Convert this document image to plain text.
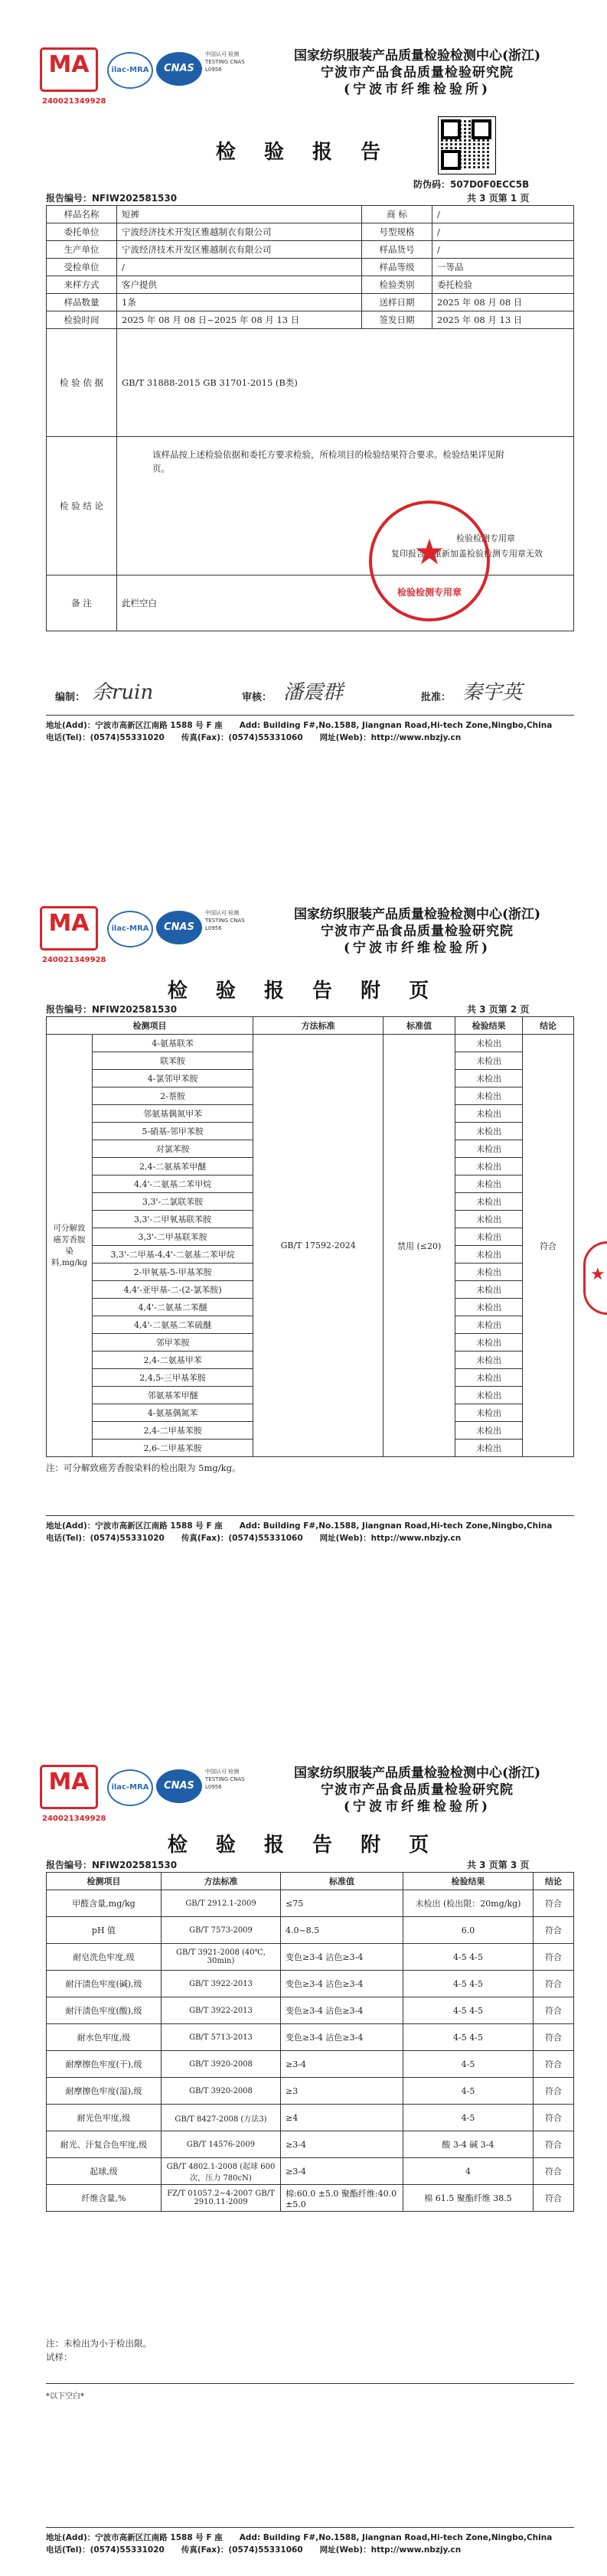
MA
240021349928
ilac-MRA	CNAS
中国认可 检测 TESTING CNAS L0956
国家纺织服装产品质量检验检测中心(浙江)
宁波市产品食品质量检验研究院
(宁波市纤维检验所)
检 验 报 告
防伪码：507D0F0ECC5B
报告编号：NFIW202581530	共 3 页第 1 页
样品名称	短裤	商 标	/
委托单位	宁波经济技术开发区雅越制衣有限公司	号型规格	/
生产单位	宁波经济技术开发区雅越制衣有限公司	样品货号	/
受检单位	/	样品等级	一等品
来样方式	客户提供	检验类别	委托检验
样品数量	1条	送样日期	2025 年 08 月 08 日
检验时间	2025 年 08 月 08 日~2025 年 08 月 13 日	签发日期	2025 年 08 月 13 日
检 验 依 据	GB/T 31888-2015 GB 31701-2015 (B类)		
检 验 结 论	该样品按上述检验依据和委托方要求检验，所检项目的检验结果符合要求。检验结果详见附页。
检验检测专用章
复印报告未重新加盖检验检测专用章无效		

备 注	此栏空白		
★
检验检测专用章
编制： 余ruin	审核： 潘震群	批准： 秦宇英
地址(Add)：宁波市高新区江南路 1588 号 F 座 Add: Building F#,No.1588, Jiangnan Road,Hi-tech Zone,Ningbo,China
电话(Tel)：(0574)55331020 传真(Fax)：(0574)55331060 网址(Web)：http://www.nbzjy.cn
MA
240021349928
ilac-MRA	CNAS
中国认可 检测 TESTING CNAS L0956
国家纺织服装产品质量检验检测中心(浙江)
宁波市产品食品质量检验研究院
(宁波市纤维检验所)
检 验 报 告 附 页
报告编号：NFIW202581530	共 3 页第 2 页
检测项目		方法标准	标准值	检验结果	结论
可分解致癌芳香胺染料,mg/kg	4-氨基联苯	GB/T 17592-2024	禁用 (≤20)	未检出	符合
	联苯胺			未检出	
	4-氯邻甲苯胺			未检出	
	2-萘胺			未检出	
	邻氨基偶氮甲苯			未检出	
	5-硝基-邻甲苯胺			未检出	
	对氯苯胺			未检出	
	2,4-二氨基苯甲醚			未检出	
	4,4'-二氨基二苯甲烷			未检出	
	3,3'-二氯联苯胺			未检出	
	3,3'-二甲氧基联苯胺			未检出	
	3,3'-二甲基联苯胺			未检出	
	3,3'-二甲基-4,4'-二氨基二苯甲烷			未检出	
	2-甲氧基-5-甲基苯胺			未检出	
	4,4'-亚甲基-二-(2-氯苯胺)			未检出	
	4,4'-二氨基二苯醚			未检出	
	4,4'-二氨基二苯硫醚			未检出	
	邻甲苯胺			未检出	
	2,4-二氨基甲苯			未检出	
	2,4,5-三甲基苯胺			未检出	
	邻氨基苯甲醚			未检出	
	4-氨基偶氮苯			未检出	
	2,4-二甲基苯胺			未检出	
	2,6-二甲基苯胺			未检出	
注：可分解致癌芳香胺染料的检出限为 5mg/kg。
★
地址(Add)：宁波市高新区江南路 1588 号 F 座 Add: Building F#,No.1588, Jiangnan Road,Hi-tech Zone,Ningbo,China
电话(Tel)：(0574)55331020 传真(Fax)：(0574)55331060 网址(Web)：http://www.nbzjy.cn
MA
240021349928
ilac-MRA	CNAS
中国认可 检测 TESTING CNAS L0956
国家纺织服装产品质量检验检测中心(浙江)
宁波市产品食品质量检验研究院
(宁波市纤维检验所)
检 验 报 告 附 页
报告编号：NFIW202581530	共 3 页第 3 页
检测项目	方法标准	标准值	检验结果	结论
甲醛含量,mg/kg	GB/T 2912.1-2009	≤75	未检出 (检出限：20mg/kg)	符合
pH 值	GB/T 7573-2009	4.0~8.5	6.0	符合
耐皂洗色牢度,级	GB/T 3921-2008 (40℃, 30min)	变色≥3-4 沾色≥3-4	4-5 4-5	符合
耐汗渍色牢度(碱),级	GB/T 3922-2013	变色≥3-4 沾色≥3-4	4-5 4-5	符合
耐汗渍色牢度(酸),级	GB/T 3922-2013	变色≥3-4 沾色≥3-4	4-5 4-5	符合
耐水色牢度,级	GB/T 5713-2013	变色≥3-4 沾色≥3-4	4-5 4-5	符合
耐摩擦色牢度(干),级	GB/T 3920-2008	≥3-4	4-5	符合
耐摩擦色牢度(湿),级	GB/T 3920-2008	≥3	4-5	符合
耐光色牢度,级	GB/T 8427-2008 (方法3)	≥4	4-5	符合
耐光、汗复合色牢度,级	GB/T 14576-2009	≥3-4	酸 3-4 碱 3-4	符合
起球,级	GB/T 4802.1-2008 (起球 600 次，压力 780cN)	≥3-4	4	符合
纤维含量,%	FZ/T 01057.2~4-2007 GB/T 2910.11-2009	棉:60.0 ±5.0 聚酯纤维:40.0 ±5.0	棉 61.5 聚酯纤维 38.5	符合
注：未检出为小于检出限。
试样：
*以下空白*
地址(Add)：宁波市高新区江南路 1588 号 F 座 Add: Building F#,No.1588, Jiangnan Road,Hi-tech Zone,Ningbo,China
电话(Tel)：(0574)55331020 传真(Fax)：(0574)55331060 网址(Web)：http://www.nbzjy.cn
